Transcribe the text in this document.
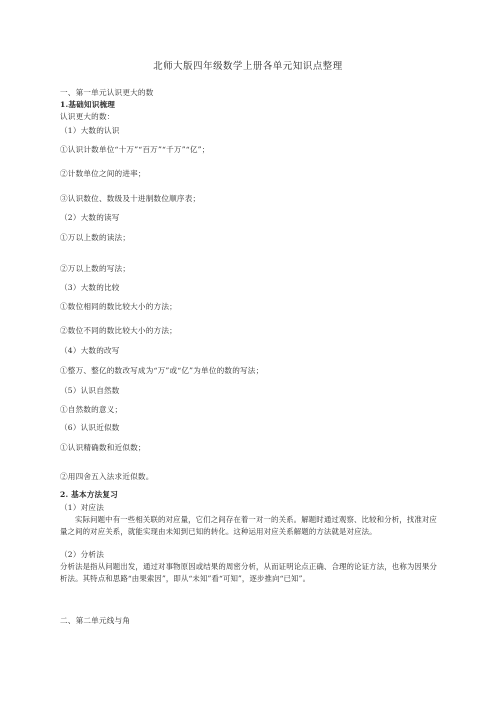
北师大版四年级数学上册各单元知识点整理
一、第一单元认识更大的数
1.基础知识梳理
认识更大的数：
（1）大数的认识
①认识计数单位“十万”“百万”“千万”“亿”；
②计数单位之间的进率；
③认识数位、数级及十进制数位顺序表；
（2）大数的读写
①万以上数的读法；
②万以上数的写法；
（3）大数的比较
①数位相同的数比较大小的方法；
②数位不同的数比较大小的方法；
（4）大数的改写
①整万、整亿的数改写成为“万”或“亿”为单位的数的写法；
（5）认识自然数
①自然数的意义；
（6）认识近似数
①认识精确数和近似数；
②用四舍五入法求近似数。
2. 基本方法复习
（1）对应法
实际问题中有一些相关联的对应量，它们之间存在着一对一的关系。解题时通过观察、比较和分析，找准对应量之间的对应关系，就能实现由未知到已知的转化。这种运用对应关系解题的方法就是对应法。
（2）分析法
分析法是指从问题出发，通过对事物原因或结果的周密分析，从而证明论点正确、合理的论证方法，也称为因果分析法。其特点和思路“由果索因”，即从“未知”看“可知”，逐步推向“已知”。
二、第二单元线与角
